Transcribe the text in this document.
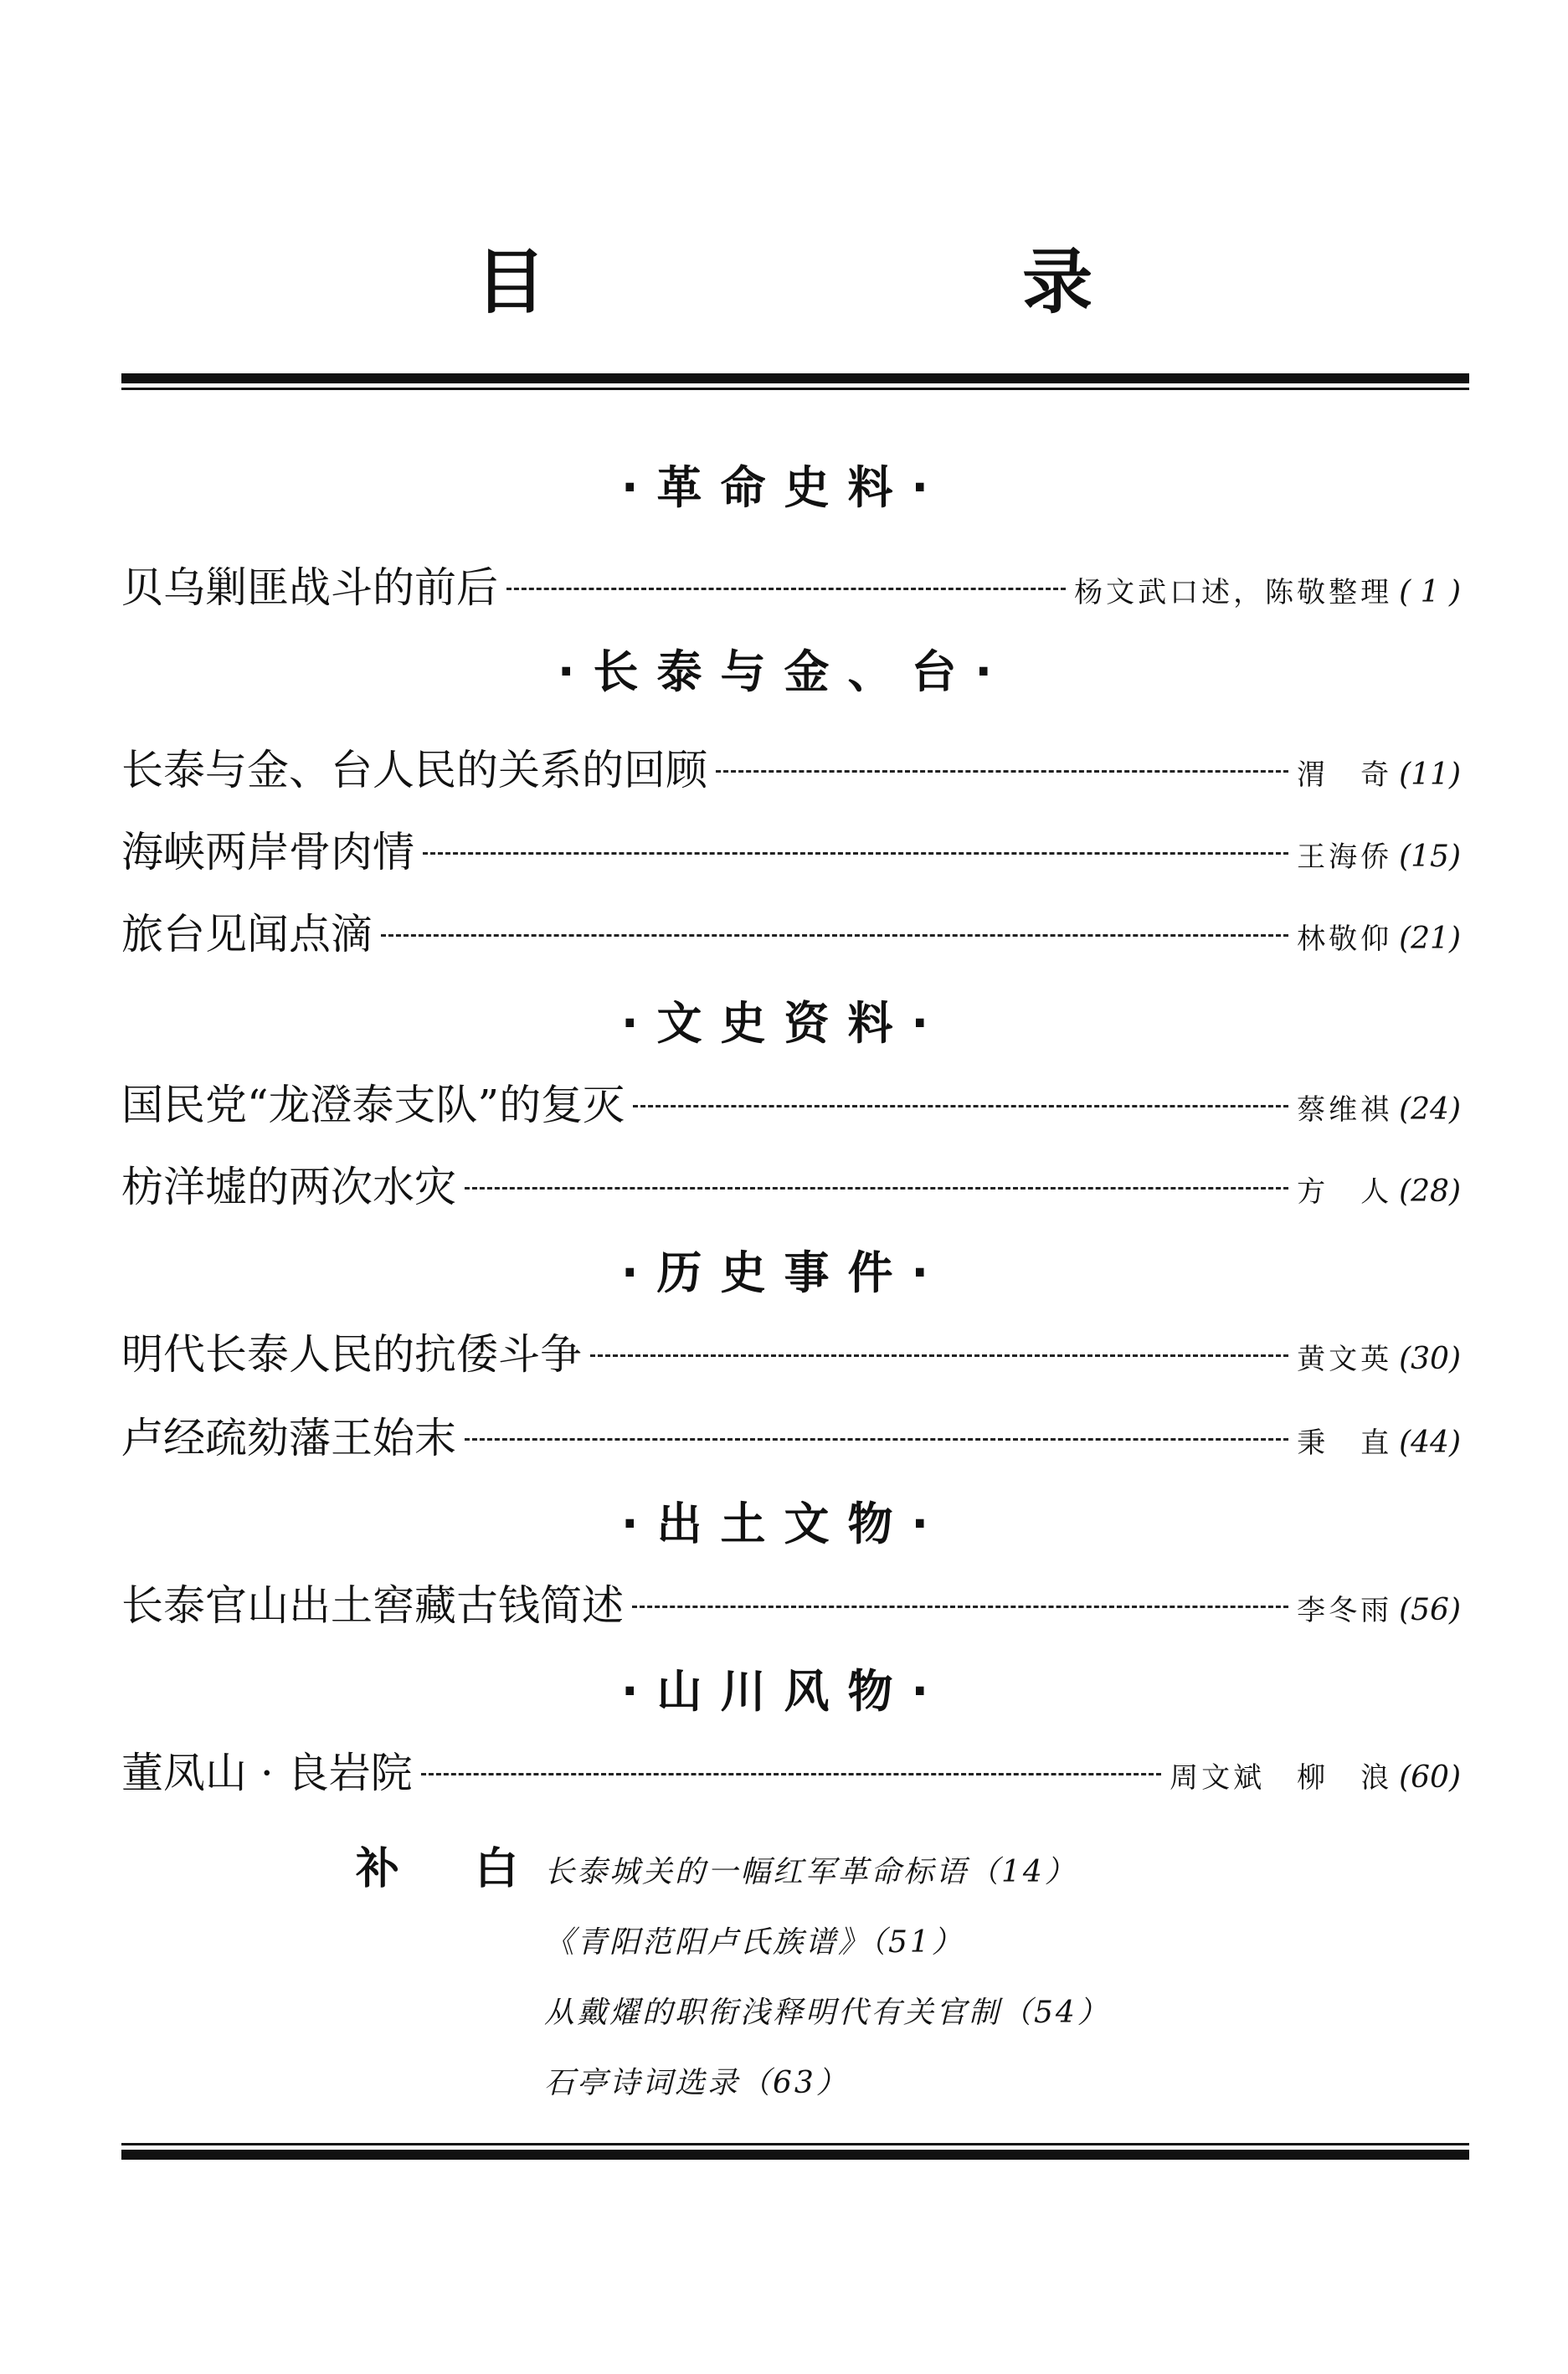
目 录
·革命史料·
贝乌剿匪战斗的前后	杨文武口述，陈敬整理 ( 1 )
·长泰与金、台·
长泰与金、台人民的关系的回顾	渭　奇 (11)
海峡两岸骨肉情	王海侨 (15)
旅台见闻点滴	林敬仰 (21)
·文史资料·
国民党“龙澄泰支队”的复灭	蔡维祺 (24)
枋洋墟的两次水灾	方　人 (28)
·历史事件·
明代长泰人民的抗倭斗争	黄文英 (30)
卢经疏劾藩王始末	秉　直 (44)
·出土文物·
长泰官山出土窖藏古钱简述	李冬雨 (56)
·山川风物·
董凤山 · 良岩院	周文斌　柳　浪 (60)
补 白
长泰城关的一幅红军革命标语（14）
《青阳范阳卢氏族谱》（51）
从戴燿的职衔浅释明代有关官制（54）
石亭诗词选录（63）
